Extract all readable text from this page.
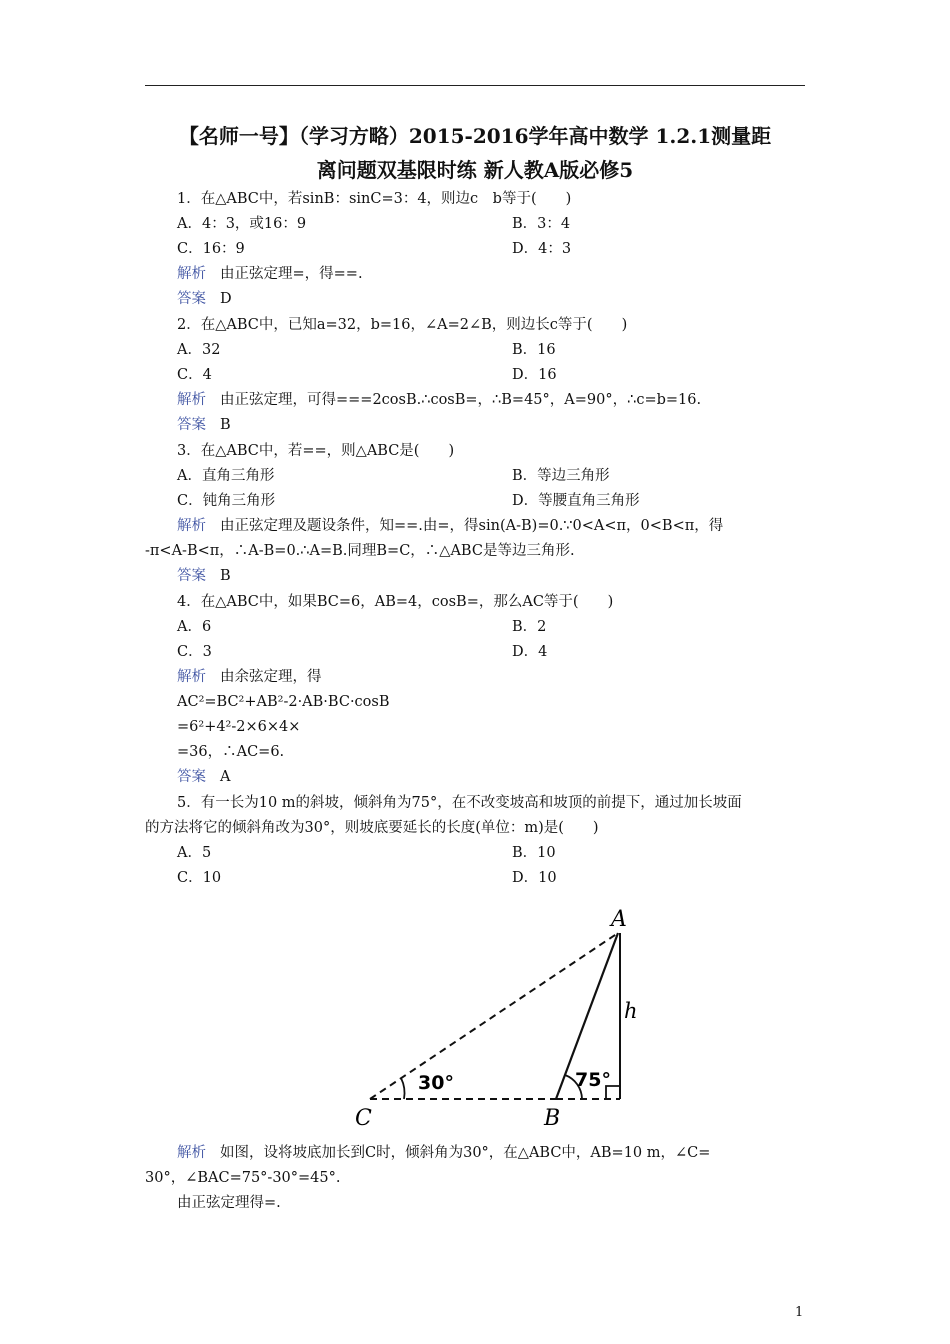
【名师一号】（学习方略）2015-2016学年高中数学 1.2.1测量距
离问题双基限时练 新人教A版必修5
1．在△ABC中，若sinB：sinC=3：4，则边c　b等于(　　)
A．4：3，或16：9	B．3：4
C．16：9	D．4：3
解析 由正弦定理=，得==.
答案 D
2．在△ABC中，已知a=32，b=16，∠A=2∠B，则边长c等于(　　)
A．32	B．16
C．4	D．16
解析 由正弦定理，可得===2cosB.∴cosB=，∴B=45°，A=90°，∴c=b=16.
答案 B
3．在△ABC中，若==，则△ABC是(　　)
A．直角三角形	B．等边三角形
C．钝角三角形	D．等腰直角三角形
解析 由正弦定理及题设条件，知==.由=，得sin(A-B)=0.∵0<A<π，0<B<π，得
-π<A-B<π，∴A-B=0.∴A=B.同理B=C，∴△ABC是等边三角形.
答案 B
4．在△ABC中，如果BC=6，AB=4，cosB=，那么AC等于(　　)
A．6	B．2
C．3	D．4
解析 由余弦定理，得
AC²=BC²+AB²-2·AB·BC·cosB
=6²+4²-2×6×4×
=36，∴AC=6.
答案 A
5．有一长为10 m的斜坡，倾斜角为75°，在不改变坡高和坡顶的前提下，通过加长坡面
的方法将它的倾斜角改为30°，则坡底要延长的长度(单位：m)是(　　)
A．5	B．10
C．10	D．10
A
B
C
h
30°	75°
解析 如图，设将坡底加长到C时，倾斜角为30°，在△ABC中，AB=10 m，∠C=
30°，∠BAC=75°-30°=45°.
由正弦定理得=.
1
